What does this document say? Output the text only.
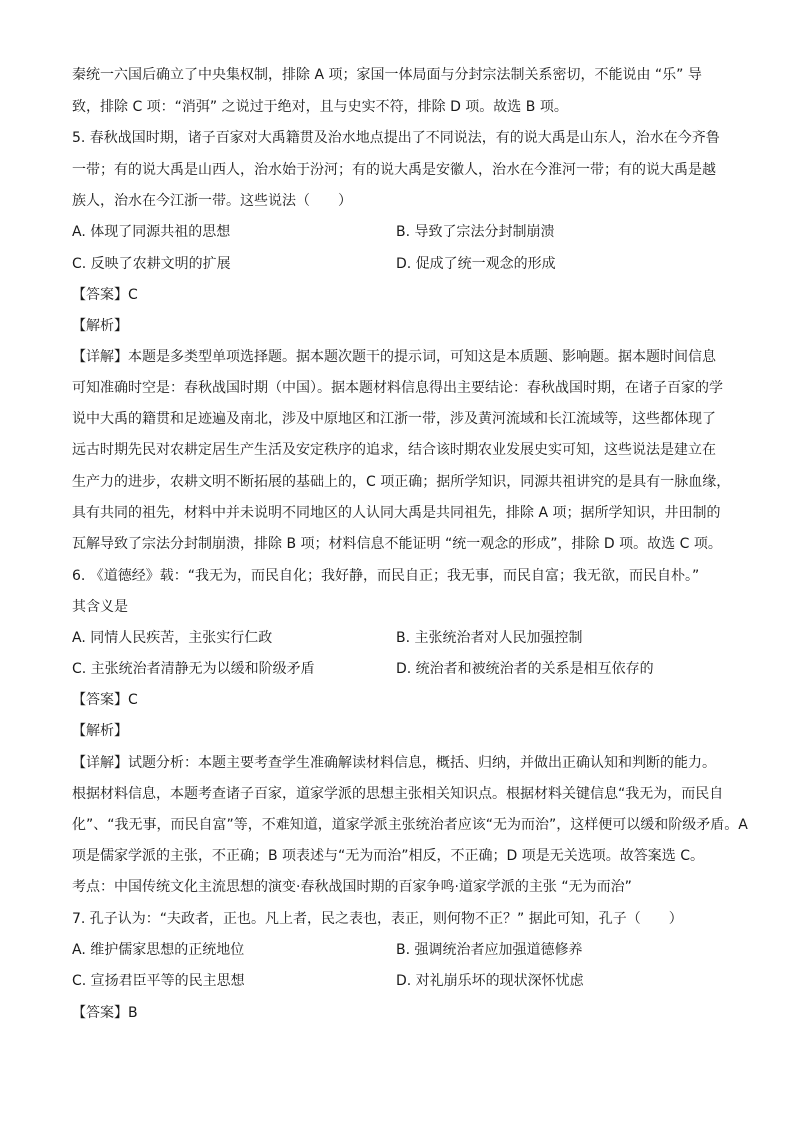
秦统一六国后确立了中央集权制，排除 A 项；家国一体局面与分封宗法制关系密切，不能说由 “乐” 导
致，排除 C 项：“消弭” 之说过于绝对，且与史实不符，排除 D 项。故选 B 项。
5. 春秋战国时期，诸子百家对大禹籍贯及治水地点提出了不同说法，有的说大禹是山东人，治水在今齐鲁
一带；有的说大禹是山西人，治水始于汾河；有的说大禹是安徽人，治水在今淮河一带；有的说大禹是越
族人，治水在今江浙一带。这些说法（　　）
A. 体现了同源共祖的思想	B. 导致了宗法分封制崩溃
C. 反映了农耕文明的扩展	D. 促成了统一观念的形成
【答案】C
【解析】
【详解】本题是多类型单项选择题。据本题次题干的提示词，可知这是本质题、影响题。据本题时间信息
可知准确时空是：春秋战国时期（中国）。据本题材料信息得出主要结论：春秋战国时期，在诸子百家的学
说中大禹的籍贯和足迹遍及南北，涉及中原地区和江浙一带，涉及黄河流域和长江流域等，这些都体现了
远古时期先民对农耕定居生产生活及安定秩序的追求，结合该时期农业发展史实可知，这些说法是建立在
生产力的进步，农耕文明不断拓展的基础上的，C 项正确；据所学知识，同源共祖讲究的是具有一脉血缘，
具有共同的祖先，材料中并未说明不同地区的人认同大禹是共同祖先，排除 A 项；据所学知识，井田制的
瓦解导致了宗法分封制崩溃，排除 B 项；材料信息不能证明 “统一观念的形成”，排除 D 项。故选 C 项。
6. 《道德经》载：“我无为，而民自化；我好静，而民自正；我无事，而民自富；我无欲，而民自朴。”
其含义是
A. 同情人民疾苦，主张实行仁政	B. 主张统治者对人民加强控制
C. 主张统治者清静无为以缓和阶级矛盾	D. 统治者和被统治者的关系是相互依存的
【答案】C
【解析】
【详解】试题分析：本题主要考查学生准确解读材料信息，概括、归纳，并做出正确认知和判断的能力。
根据材料信息，本题考查诸子百家，道家学派的思想主张相关知识点。根据材料关键信息“我无为，而民自
化”、“我无事，而民自富”等，不难知道，道家学派主张统治者应该“无为而治”，这样便可以缓和阶级矛盾。A
项是儒家学派的主张，不正确；B 项表述与“无为而治”相反，不正确；D 项是无关选项。故答案选 C。
考点：中国传统文化主流思想的演变·春秋战国时期的百家争鸣·道家学派的主张 “无为而治”
7. 孔子认为：“夫政者，正也。凡上者，民之表也，表正，则何物不正？” 据此可知，孔子（　　）
A. 维护儒家思想的正统地位	B. 强调统治者应加强道德修养
C. 宣扬君臣平等的民主思想	D. 对礼崩乐坏的现状深怀忧虑
【答案】B
